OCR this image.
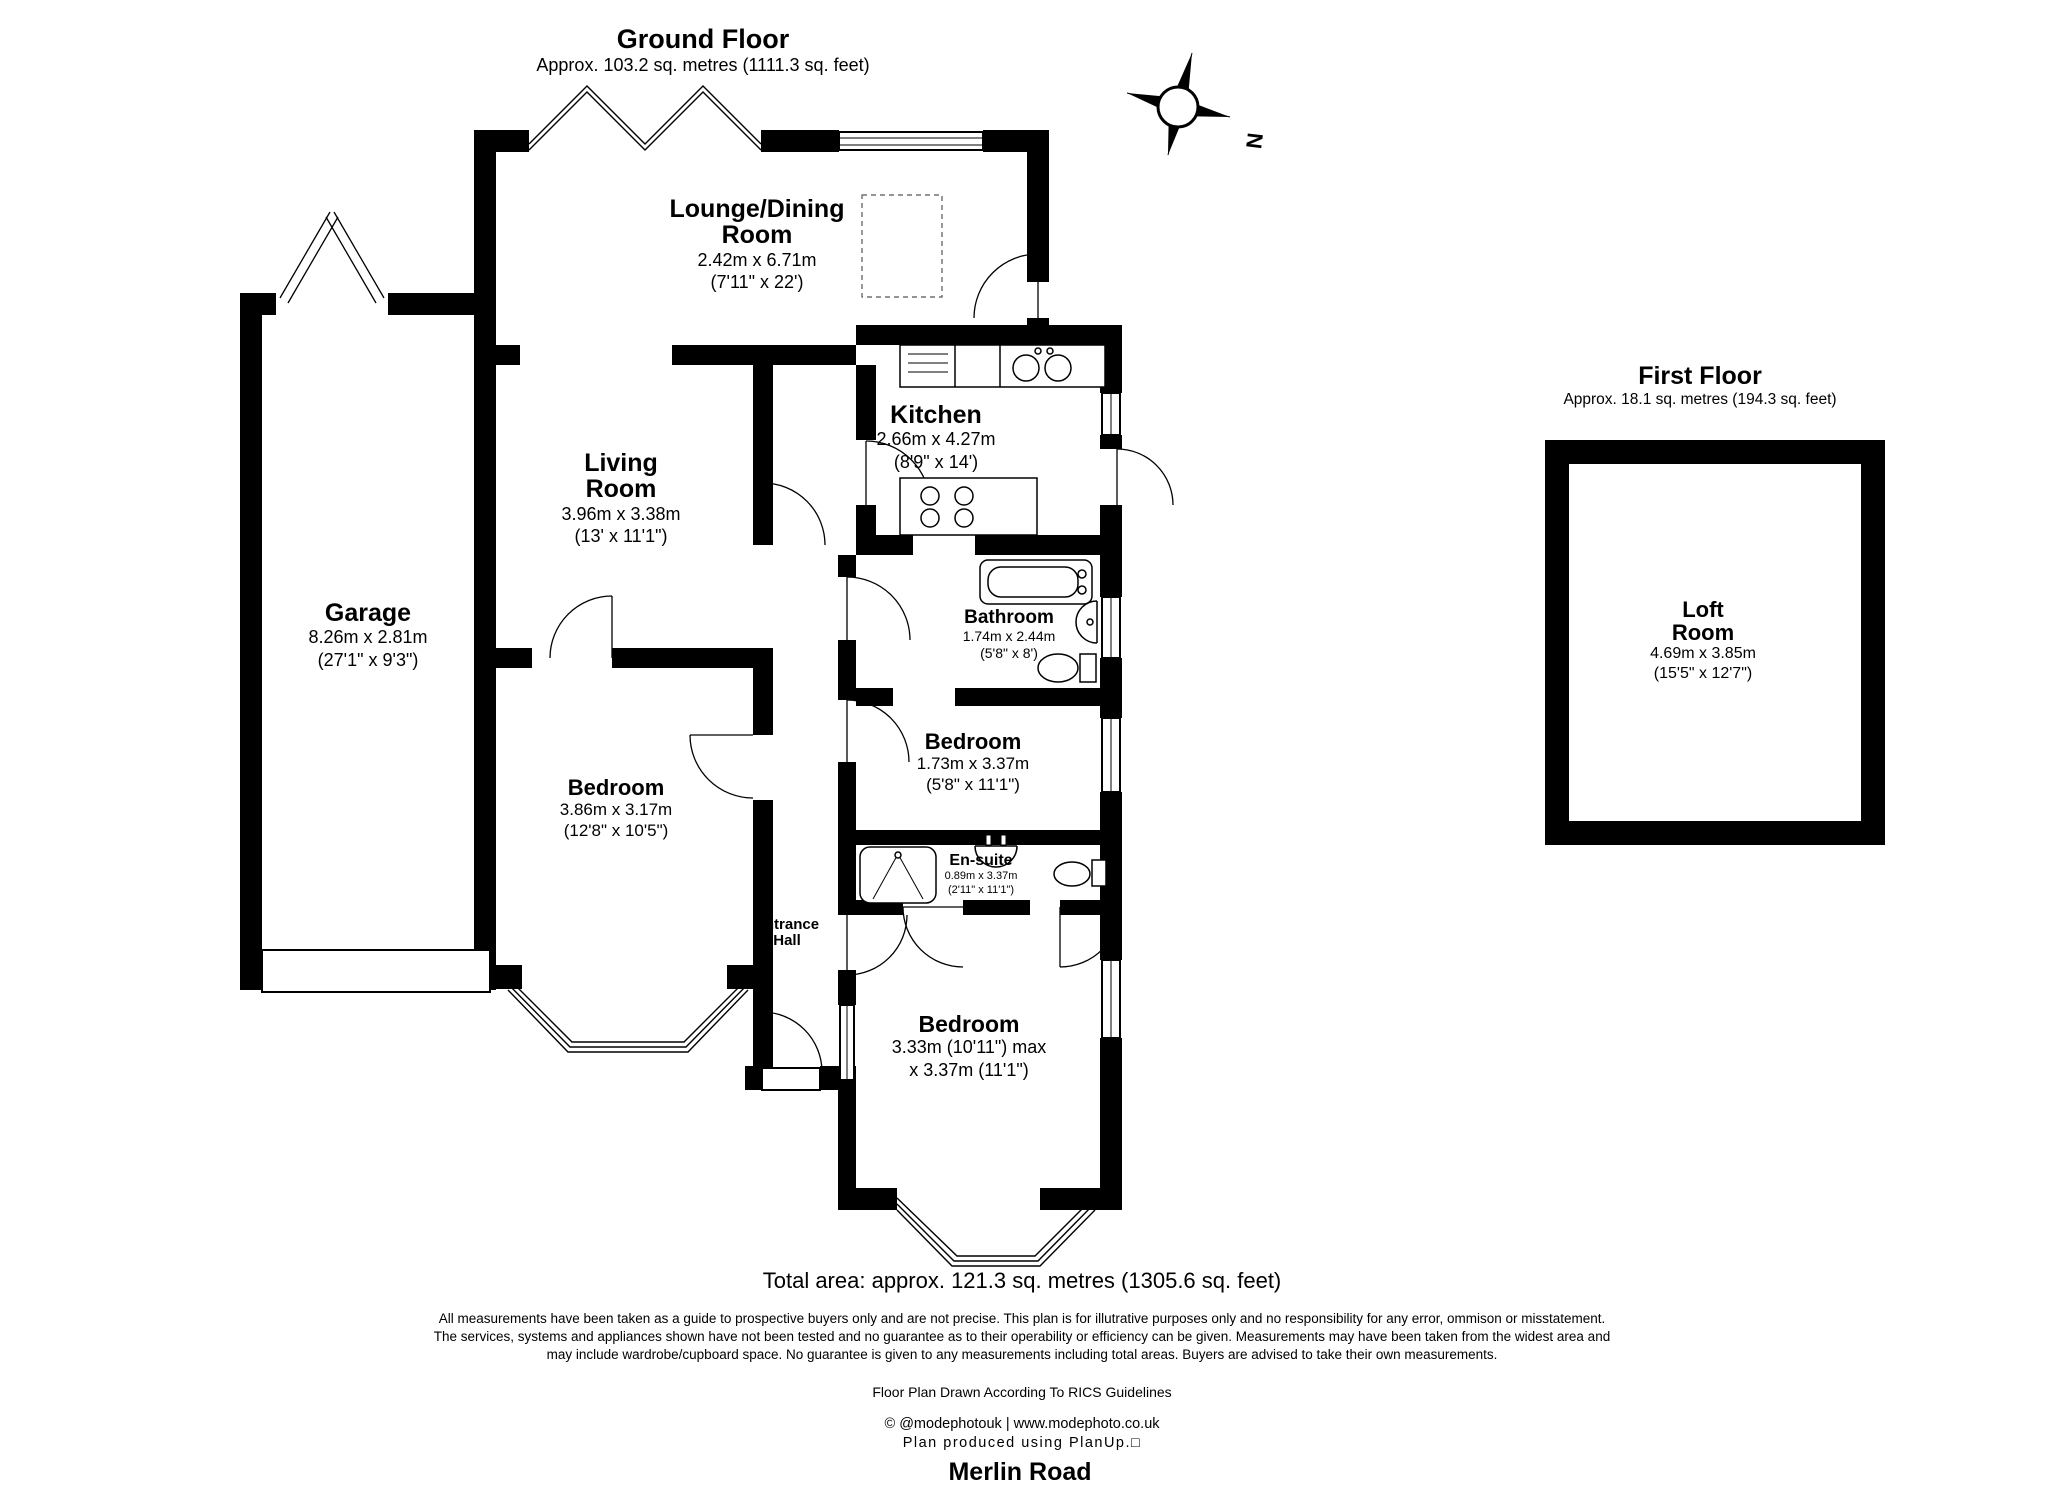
N
Ground Floor
Approx. 103.2 sq. metres (1111.3 sq. feet)
First Floor
Approx. 18.1 sq. metres (194.3 sq. feet)
Lounge/Dining Room
2.42m x 6.71m
(7'11" x 22')
Kitchen
2.66m x 4.27m
(8'9" x 14')
Living Room
3.96m x 3.38m
(13' x 11'1")
Garage
8.26m x 2.81m
(27'1" x 9'3")
Bathroom
1.74m x 2.44m
(5'8" x 8')
Bedroom
1.73m x 3.37m
(5'8" x 11'1")
Bedroom
3.86m x 3.17m
(12'8" x 10'5")
En-suite
0.89m x 3.37m
(2'11" x 11'1")
Entrance Hall
Bedroom
3.33m (10'11") max
x 3.37m (11'1")
Loft Room
4.69m x 3.85m
(15'5" x 12'7")
Total area: approx. 121.3 sq. metres (1305.6 sq. feet)
All measurements have been taken as a guide to prospective buyers only and are not precise. This plan is for illutrative purposes only and no responsibility for any error, ommison or misstatement.
The services, systems and appliances shown have not been tested and no guarantee as to their operability or efficiency can be given. Measurements may have been taken from the widest area and
may include wardrobe/cupboard space. No guarantee is given to any measurements including total areas. Buyers are advised to take their own measurements.
Floor Plan Drawn According To RICS Guidelines
© @modephotouk | www.modephoto.co.uk
Plan produced using PlanUp.□
Merlin Road
